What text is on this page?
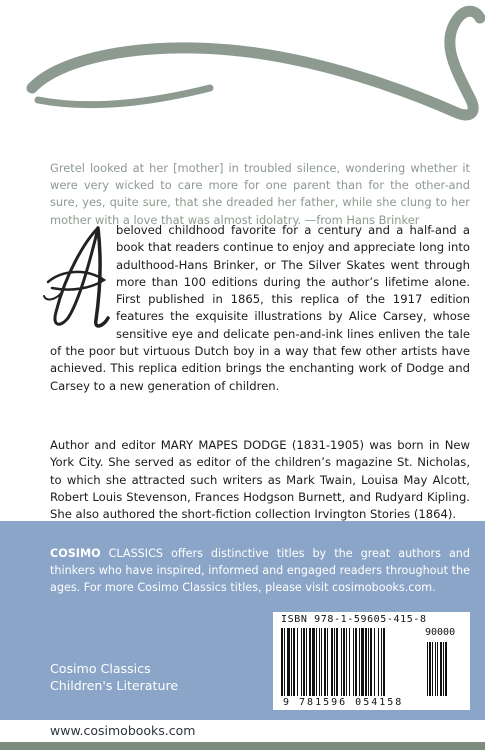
Gretel looked at her [mother] in troubled silence, wondering whether it were very wicked to care more for one parent than for the other-and sure, yes, quite sure, that she dreaded her father, while she clung to her mother with a love that was almost idolatry. —from Hans Brinker

beloved childhood favorite for a century and a half-and a book that readers continue to enjoy and appreciate long into adulthood-Hans Brinker, or The Silver Skates went through more than 100 editions during the author’s lifetime alone. First published in 1865, this replica of the 1917 edition features the exquisite illustrations by Alice Carsey, whose sensitive eye and delicate pen-and-ink lines enliven the tale of the poor but virtuous Dutch boy in a way that few other artists have achieved. This replica edition brings the enchanting work of Dodge and Carsey to a new generation of children.

Author and editor MARY MAPES DODGE (1831-1905) was born in New York City. She served as editor of the children’s magazine St. Nicholas, to which she attracted such writers as Mark Twain, Louisa May Alcott, Robert Louis Stevenson, Frances Hodgson Burnett, and Rudyard Kipling. She also authored the short-fiction collection Irvington Stories (1864).

COSIMO CLASSICS offers distinctive titles by the great authors and thinkers who have inspired, informed and engaged readers throughout the ages. For more Cosimo Classics titles, please visit cosimobooks.com.
Cosimo Classics
Children's Literature
ISBN 978-1-59605-415-8
90000
9 781596 054158
www.cosimobooks.com
